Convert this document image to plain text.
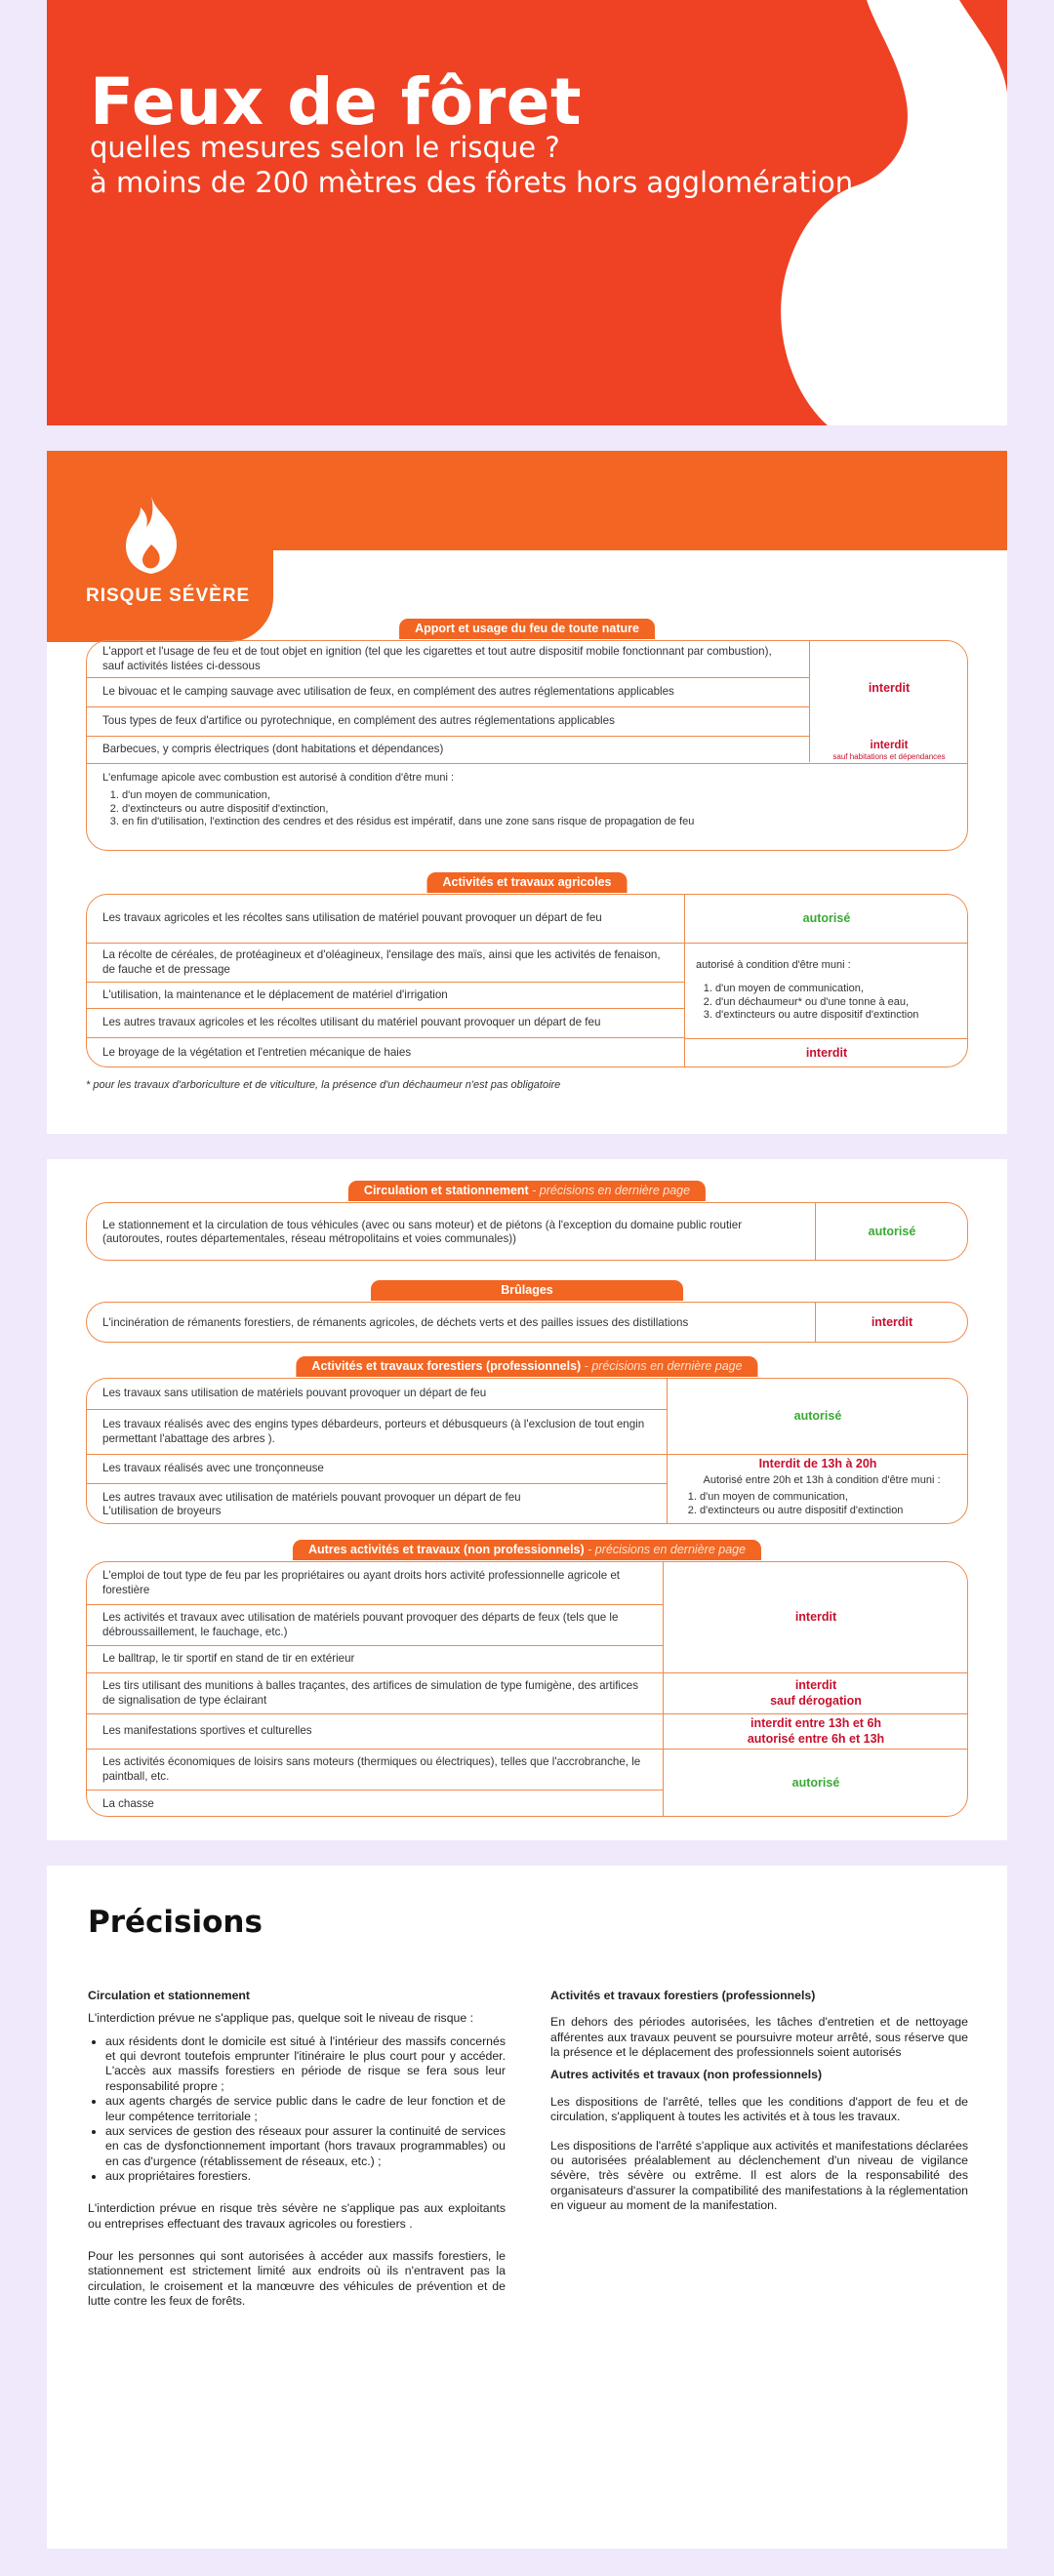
Feux de fôret
quelles mesures selon le risque ?
à moins de 200 mètres des fôrets hors agglomération
RISQUE SÉVÈRE
Apport et usage du feu de toute nature
L'apport et l'usage de feu et de tout objet en ignition (tel que les cigarettes et tout autre dispositif mobile fonctionnant par combustion), sauf activités listées ci-dessous
Le bivouac et le camping sauvage avec utilisation de feux, en complément des autres réglementations applicables
Tous types de feux d'artifice ou pyrotechnique, en complément des autres réglementations applicables
Barbecues, y compris électriques (dont habitations et dépendances)
interdit
interdit
sauf habitations et dépendances
L'enfumage apicole avec combustion est autorisé à condition d'être muni :
1. d'un moyen de communication,
2. d'extincteurs ou autre dispositif d'extinction,
3. en fin d'utilisation, l'extinction des cendres et des résidus est impératif, dans une zone sans risque de propagation de feu
Activités et travaux agricoles
Les travaux agricoles et les récoltes sans utilisation de matériel pouvant provoquer un départ de feu
La récolte de céréales, de protéagineux et d'oléagineux, l'ensilage des maïs, ainsi que les activités de fenaison, de fauche et de pressage
L'utilisation, la maintenance et le déplacement de matériel d'irrigation
Les autres travaux agricoles et les récoltes utilisant du matériel pouvant provoquer un départ de feu
Le broyage de la végétation et l'entretien mécanique de haies
autorisé
autorisé à condition d'être muni :
1. d'un moyen de communication,
2. d'un déchaumeur* ou d'une tonne à eau,
3. d'extincteurs ou autre dispositif d'extinction
interdit
* pour les travaux d'arboriculture et de viticulture, la présence d'un déchaumeur n'est pas obligatoire
Circulation et stationnement - précisions en dernière page
Le stationnement et la circulation de tous véhicules (avec ou sans moteur) et de piétons (à l'exception du domaine public routier (autoroutes, routes départementales, réseau métropolitains et voies communales))
autorisé
Brûlages
L'incinération de rémanents forestiers, de rémanents agricoles, de déchets verts et des pailles issues des distillations	interdit
Activités et travaux forestiers (professionnels) - précisions en dernière page
Les travaux sans utilisation de matériels pouvant provoquer un départ de feu
Les travaux réalisés avec des engins types débardeurs, porteurs et débusqueurs (à l'exclusion de tout engin permettant l'abattage des arbres ).
Les travaux réalisés avec une tronçonneuse
Les autres travaux avec utilisation de matériels pouvant provoquer un départ de feu
L'utilisation de broyeurs
autorisé
Interdit de 13h à 20h
Autorisé entre 20h et 13h à condition d'être muni :
1. d'un moyen de communication,
2. d'extincteurs ou autre dispositif d'extinction
Autres activités et travaux (non professionnels) - précisions en dernière page
L'emploi de tout type de feu par les propriétaires ou ayant droits hors activité professionnelle agricole et forestière
Les activités et travaux avec utilisation de matériels pouvant provoquer des départs de feux (tels que le débroussaillement, le fauchage, etc.)
Le balltrap, le tir sportif en stand de tir en extérieur
Les tirs utilisant des munitions à balles traçantes, des artifices de simulation de type fumigène, des artifices de signalisation de type éclairant
Les manifestations sportives et culturelles
Les activités économiques de loisirs sans moteurs (thermiques ou électriques), telles que l'accrobranche, le paintball, etc.
La chasse
interdit
interdit
sauf dérogation
interdit entre 13h et 6h
autorisé entre 6h et 13h
autorisé
Précisions
Circulation et stationnement

L'interdiction prévue ne s'applique pas, quelque soit le niveau de risque :

• aux résidents dont le domicile est situé à l'intérieur des massifs concernés et qui devront toutefois emprunter l'itinéraire le plus court pour y accéder. L'accès aux massifs forestiers en période de risque se fera sous leur responsabilité propre ;
• aux agents chargés de service public dans le cadre de leur fonction et de leur compétence territoriale ;
• aux services de gestion des réseaux pour assurer la continuité de services en cas de dysfonctionnement important (hors travaux programmables) ou en cas d'urgence (rétablissement de réseaux, etc.) ;
• aux propriétaires forestiers.

L'interdiction prévue en risque très sévère ne s'applique pas aux exploitants ou entreprises effectuant des travaux agricoles ou forestiers .

Pour les personnes qui sont autorisées à accéder aux massifs forestiers, le stationnement est strictement limité aux endroits où ils n'entravent pas la circulation, le croisement et la manœuvre des véhicules de prévention et de lutte contre les feux de forêts.

Activités et travaux forestiers (professionnels)

En dehors des périodes autorisées, les tâches d'entretien et de nettoyage afférentes aux travaux peuvent se poursuivre moteur arrêté, sous réserve que la présence et le déplacement des professionnels soient autorisés

Autres activités et travaux (non professionnels)

Les dispositions de l'arrêté, telles que les conditions d'apport de feu et de circulation, s'appliquent à toutes les activités et à tous les travaux.

Les dispositions de l'arrêté s'applique aux activités et manifestations déclarées ou autorisées préalablement au déclenchement d'un niveau de vigilance sévère, très sévère ou extrême. Il est alors de la responsabilité des organisateurs d'assurer la compatibilité des manifestations à la réglementation en vigueur au moment de la manifestation.
